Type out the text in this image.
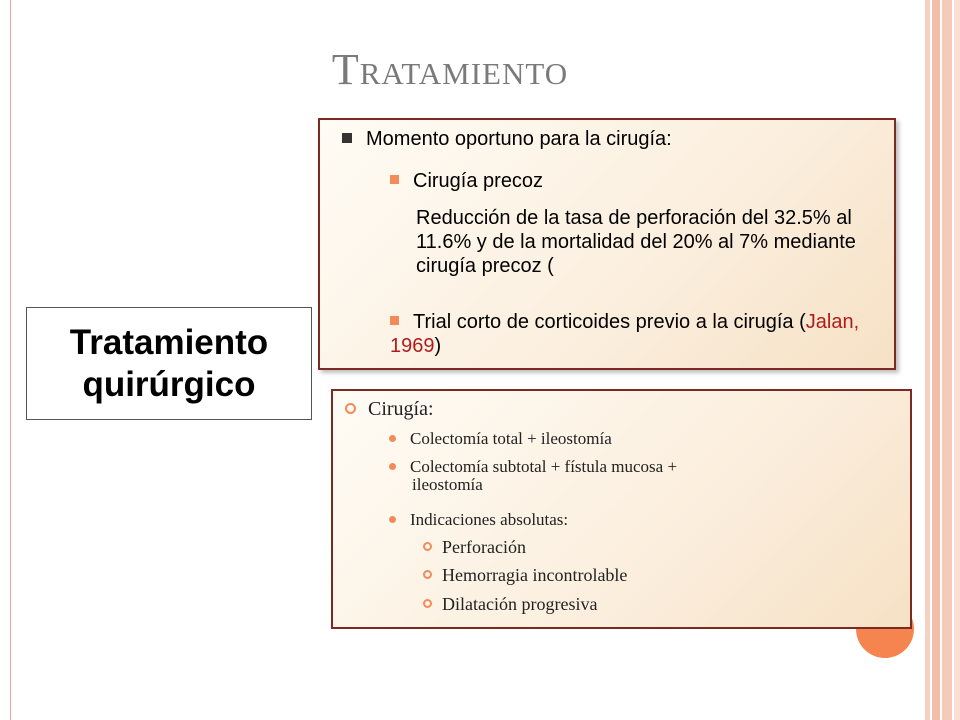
Tratamiento
Tratamiento
quirúrgico
Momento oportuno para la cirugía:
Cirugía precoz
Reducción de la tasa de perforación del 32.5% al 11.6% y de la mortalidad del 20% al 7% mediante cirugía precoz (
Trial corto de corticoides previo a la cirugía (Jalan, 1969)
Cirugía:
Colectomía total + ileostomía
Colectomía subtotal + fístula mucosa +
ileostomía
Indicaciones absolutas:
Perforación
Hemorragia incontrolable
Dilatación progresiva
